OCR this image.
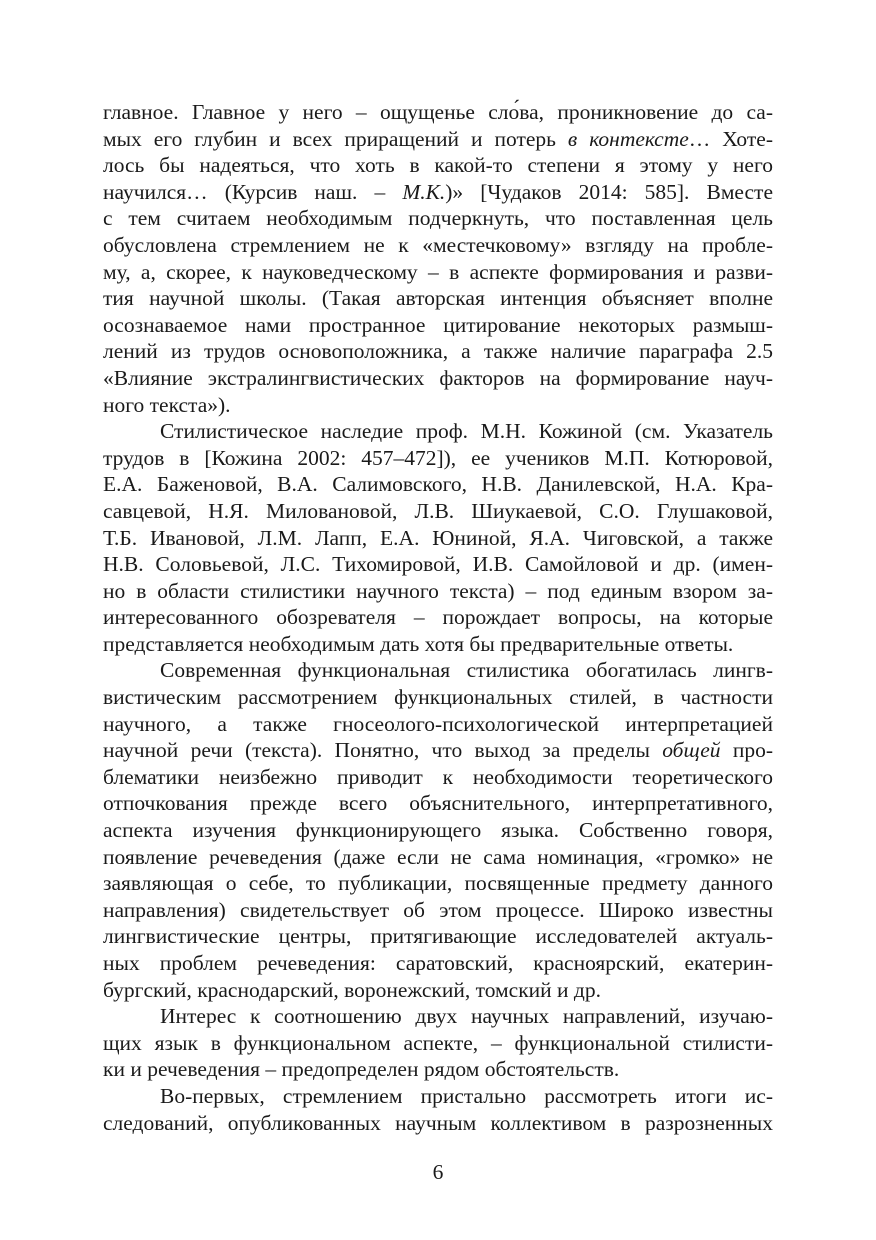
главное. Главное у него – ощущенье сло́ва, проникновение до са-
мых его глубин и всех приращений и потерь в контексте… Хоте-
лось бы надеяться, что хоть в какой-то степени я этому у него
научился… (Курсив наш. – М.К.)» [Чудаков 2014: 585]. Вместе
с тем считаем необходимым подчеркнуть, что поставленная цель
обусловлена стремлением не к «местечковому» взгляду на пробле-
му, а, скорее, к науковедческому – в аспекте формирования и разви-
тия научной школы. (Такая авторская интенция объясняет вполне
осознаваемое нами пространное цитирование некоторых размыш-
лений из трудов основоположника, а также наличие параграфа 2.5
«Влияние экстралингвистических факторов на формирование науч-
ного текста»).
Стилистическое наследие проф. М.Н. Кожиной (см. Указатель
трудов в [Кожина 2002: 457–472]), ее учеников М.П. Котюровой,
Е.А. Баженовой, В.А. Салимовского, Н.В. Данилевской, Н.А. Кра-
савцевой, Н.Я. Миловановой, Л.В. Шиукаевой, С.О. Глушаковой,
Т.Б. Ивановой, Л.М. Лапп, Е.А. Юниной, Я.А. Чиговской, а также
Н.В. Соловьевой, Л.С. Тихомировой, И.В. Самойловой и др. (имен-
но в области стилистики научного текста) – под единым взором за-
интересованного обозревателя – порождает вопросы, на которые
представляется необходимым дать хотя бы предварительные ответы.
Современная функциональная стилистика обогатилась лингв-
вистическим рассмотрением функциональных стилей, в частности
научного, а также гносеолого-психологической интерпретацией
научной речи (текста). Понятно, что выход за пределы общей про-
блематики неизбежно приводит к необходимости теоретического
отпочкования прежде всего объяснительного, интерпретативного,
аспекта изучения функционирующего языка. Собственно говоря,
появление речеведения (даже если не сама номинация, «громко» не
заявляющая о себе, то публикации, посвященные предмету данного
направления) свидетельствует об этом процессе. Широко известны
лингвистические центры, притягивающие исследователей актуаль-
ных проблем речеведения: саратовский, красноярский, екатерин-
бургский, краснодарский, воронежский, томский и др.
Интерес к соотношению двух научных направлений, изучаю-
щих язык в функциональном аспекте, – функциональной стилисти-
ки и речеведения – предопределен рядом обстоятельств.
Во-первых, стремлением пристально рассмотреть итоги ис-
следований, опубликованных научным коллективом в разрозненных
6
